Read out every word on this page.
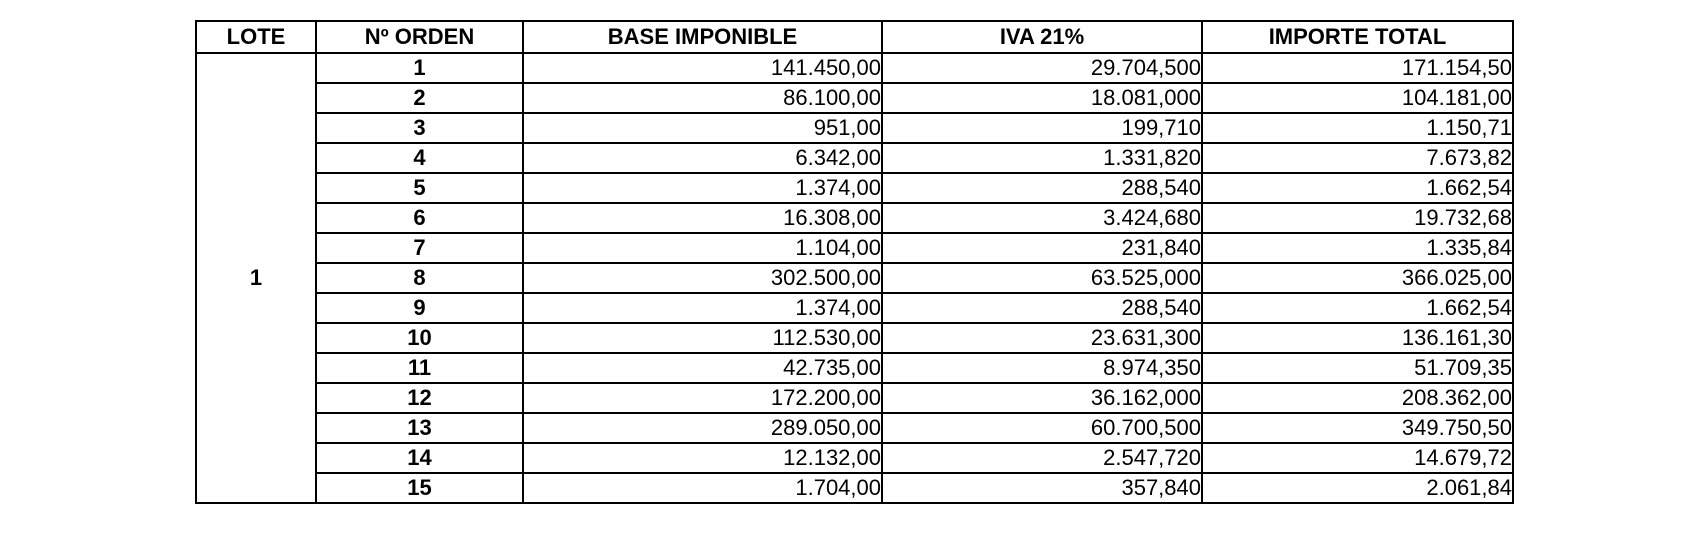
LOTE	Nº ORDEN	BASE IMPONIBLE	IVA 21%	IMPORTE TOTAL
1	1	141.450,00	29.704,500	171.154,50
	2	86.100,00	18.081,000	104.181,00
	3	951,00	199,710	1.150,71
	4	6.342,00	1.331,820	7.673,82
	5	1.374,00	288,540	1.662,54
	6	16.308,00	3.424,680	19.732,68
	7	1.104,00	231,840	1.335,84
	8	302.500,00	63.525,000	366.025,00
	9	1.374,00	288,540	1.662,54
	10	112.530,00	23.631,300	136.161,30
	11	42.735,00	8.974,350	51.709,35
	12	172.200,00	36.162,000	208.362,00
	13	289.050,00	60.700,500	349.750,50
	14	12.132,00	2.547,720	14.679,72
	15	1.704,00	357,840	2.061,84
